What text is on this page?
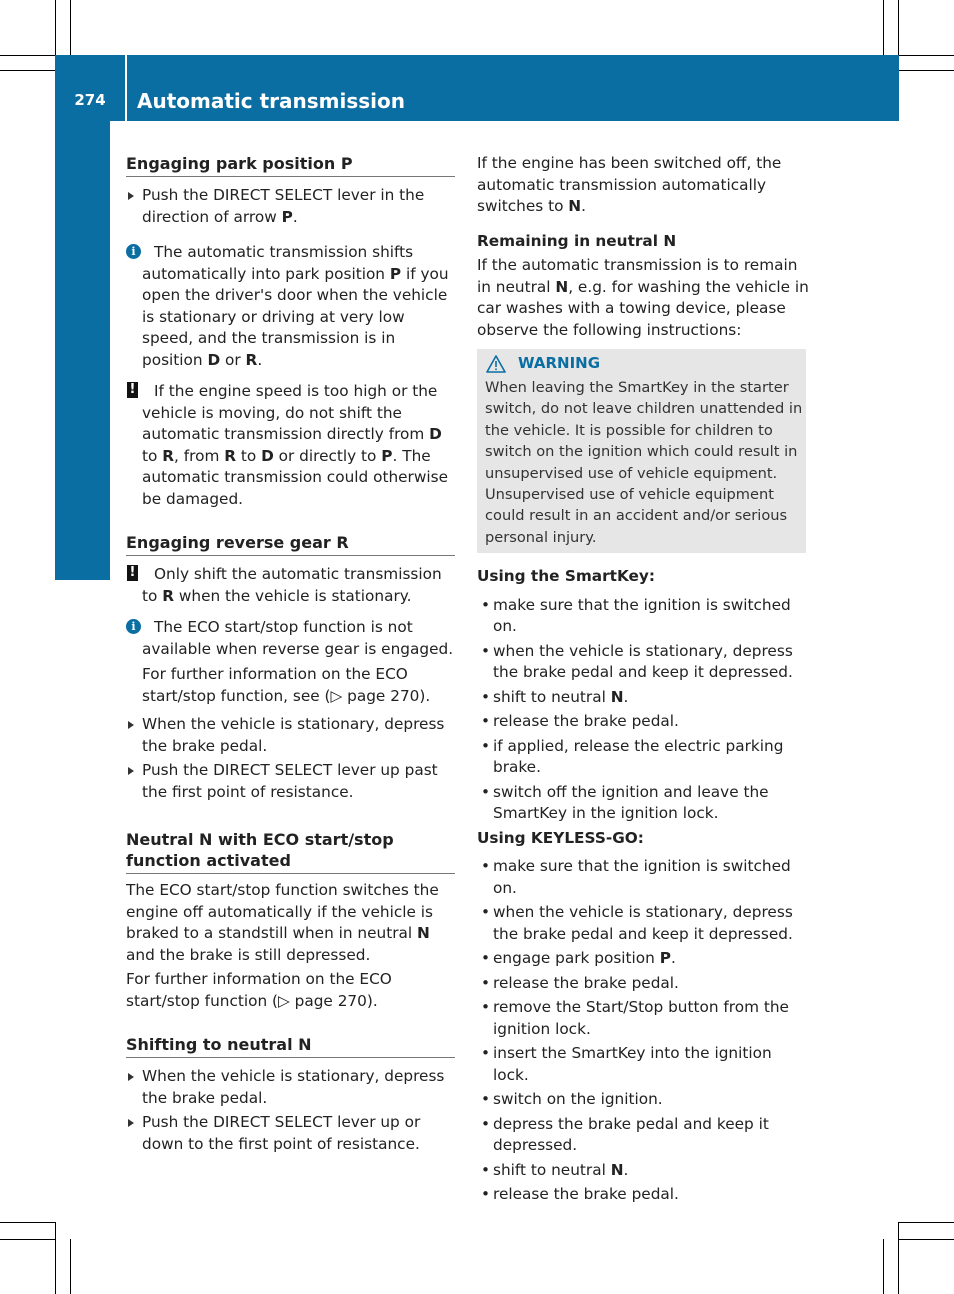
274	Automatic transmission
Driving and parking

Engaging park position P

Push the DIRECT SELECT lever in the direction of arrow P.
i	The automatic transmission shifts automatically into park position P if you open the driver's door when the vehicle is stationary or driving at very low speed, and the transmission is in position D or R.
! If the engine speed is too high or the vehicle is moving, do not shift the automatic transmission directly from D to R, from R to D or directly to P. The automatic transmission could otherwise be damaged.

Engaging reverse gear R

! Only shift the automatic transmission to R when the vehicle is stationary.
i	The ECO start/stop function is not available when reverse gear is engaged.
For further information on the ECO start/stop function, see (▷ page 270).
When the vehicle is stationary, depress the brake pedal.
Push the DIRECT SELECT lever up past the first point of resistance.

Neutral N with ECO start/stop function activated

The ECO start/stop function switches the engine off automatically if the vehicle is braked to a standstill when in neutral N and the brake is still depressed.

For further information on the ECO start/stop function (▷ page 270).

Shifting to neutral N

When the vehicle is stationary, depress the brake pedal.
Push the DIRECT SELECT lever up or down to the first point of resistance.

If the engine has been switched off, the automatic transmission automatically switches to N.

Remaining in neutral N

If the automatic transmission is to remain in neutral N, e.g. for washing the vehicle in car washes with a towing device, please observe the following instructions:

WARNING
When leaving the SmartKey in the starter switch, do not leave children unattended in the vehicle. It is possible for children to switch on the ignition which could result in unsupervised use of vehicle equipment. Unsupervised use of vehicle equipment could result in an accident and/or serious personal injury.

Using the SmartKey:

• make sure that the ignition is switched on.
• when the vehicle is stationary, depress the brake pedal and keep it depressed.
• shift to neutral N.
• release the brake pedal.
• if applied, release the electric parking brake.
• switch off the ignition and leave the SmartKey in the ignition lock.

Using KEYLESS-GO:

• make sure that the ignition is switched on.
• when the vehicle is stationary, depress the brake pedal and keep it depressed.
• engage park position P.
• release the brake pedal.
• remove the Start/Stop button from the ignition lock.
• insert the SmartKey into the ignition lock.
• switch on the ignition.
• depress the brake pedal and keep it depressed.
• shift to neutral N.
• release the brake pedal.
